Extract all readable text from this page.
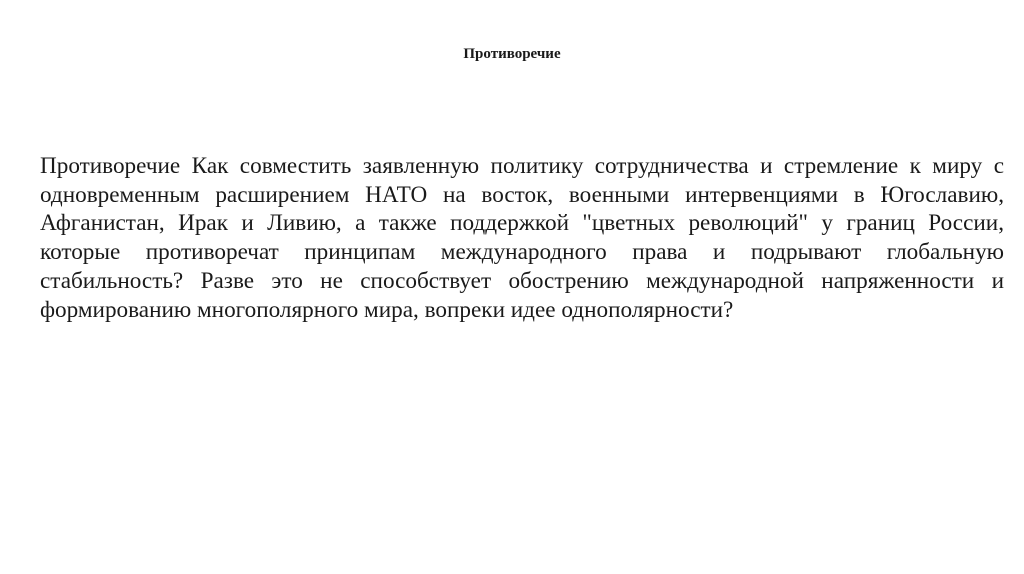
Противоречие

Противоречие Как совместить заявленную политику сотрудничества и стремление к миру с одновременным расширением НАТО на восток, военными интервенциями в Югославию, Афганистан, Ирак и Ливию, а также поддержкой "цветных революций" у границ России, которые противоречат принципам международного права и подрывают глобальную стабильность? Разве это не способствует обострению международной напряженности и формированию многополярного мира, вопреки идее однополярности?
